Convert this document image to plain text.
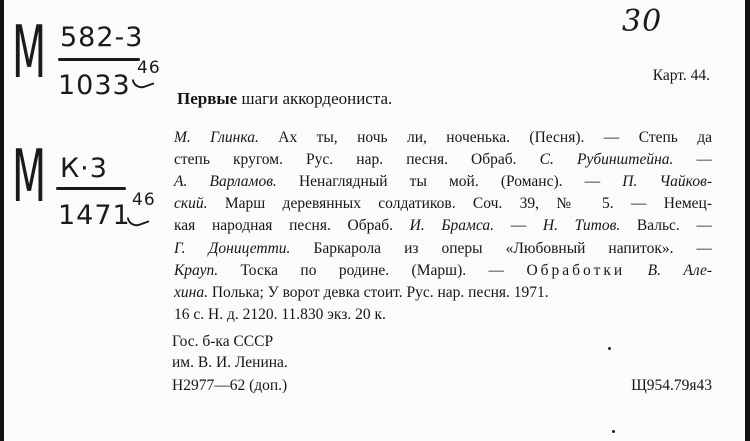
М 582-3
1033
46
М К·3
1471 46
30
Карт. 44.
Первые шаги аккордеониста.
М. Глинка. Ах ты, ночь ли, ноченька. (Песня). — Степь да
степь кругом. Рус. нар. песня. Обраб. С. Рубинштейна. —
А. Варламов. Ненаглядный ты мой. (Романс). — П. Чайков-
ский. Марш деревянных солдатиков. Соч. 39, № 5. — Немец-
кая народная песня. Обраб. И. Брамса. — Н. Титов. Вальс. —
Г. Доницетти. Баркарола из оперы «Любовный напиток». —
Крауп. Тоска по родине. (Марш). — Обработки В. Але-
хина. Полька; У ворот девка стоит. Рус. нар. песня. 1971.
16 с. Н. д. 2120. 11.830 экз. 20 к.
Гос. б-ка СССР
им. В. И. Ленина.
Н2977—62 (доп.)	Щ954.79я43
